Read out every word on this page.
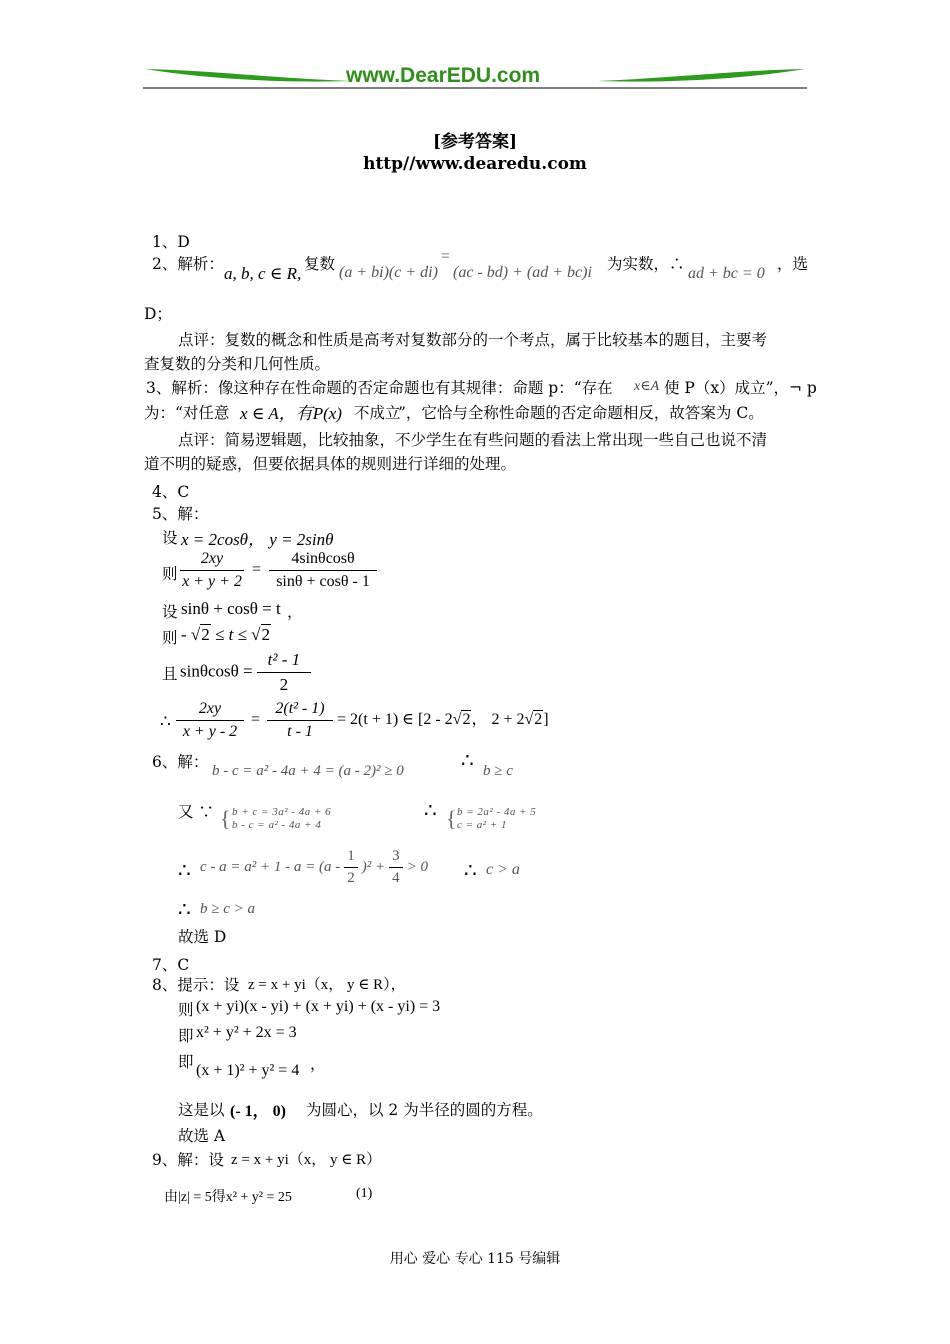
www.DearEDU.com
[参考答案]
http//www.dearedu.com
1、D
2、解析： a, b, c ∈ R, 复数 (a + bi)(c + di)
=
(ac - bd) + (ad + bc)i 为实数，∴
ad + bc = 0
，选
D；
点评：复数的概念和性质是高考对复数部分的一个考点，属于比较基本的题目，主要考
查复数的分类和几何性质。
3、解析：像这种存在性命题的否定命题也有其规律：命题 p：“存在 x∈A 使 P（x）成立”，¬ p
为：“对任意 x ∈ A，有P(x) 不成立
”，它恰与全称性命题的否定命题相反，故答案为 C。
点评：简易逻辑题，比较抽象，不少学生在有些问题的看法上常出现一些自己也说不清
道不明的疑惑，但要依据具体的规则进行详细的处理。
4、C
5、解：
设 x = 2cosθ， y = 2sinθ
则 $\frac{2xy}{x + y + 2} = \frac{4\sin\theta\cos\theta}{\sin\theta + \cos\theta - 1}$
设 sinθ + cosθ = t ，
则 - √2 ≤ t ≤ √2
且 $\sin\theta\cos\theta = \frac{\text{t² - 1}}{2}$
∴ $\frac{2xy}{x + y - 2} = \frac{\text{2(t² - 1)}}{t - 1} = 2(t + 1)$ ∈ [2 - 2√2， 2 + 2√2]
6、解： b - c = a² - 4a + 4 = (a - 2)² ≥ 0	∴ b ≥ c
又 ∵ { b + c = 3a² - 4a + 6
b - c = a² - 4a + 4
∴ { b = 2a² - 4a + 5
c = a² + 1
∴ $c - a = a^2 + 1 - a = (a - \frac{1}{2} )^2 + \frac{3}{4} > 0$ ∴ c > a
∴ b ≥ c > a
故选 D
7、C
8、提示：设 z = x + yi（x， y ∈ R），
则 (x + yi)(x - yi) + (x + yi) + (x - yi) = 3
即 x² + y² + 2x = 3
即 (x + 1)² + y² = 4 ，
这是以 (- 1， 0) 为圆心，以 2 为半径的圆的方程。
故选 A
9、解：设 z = x + yi（x， y ∈ R）
由|z| = 5得x² + y² = 25	(1)
用心 爱心 专心 115 号编辑
